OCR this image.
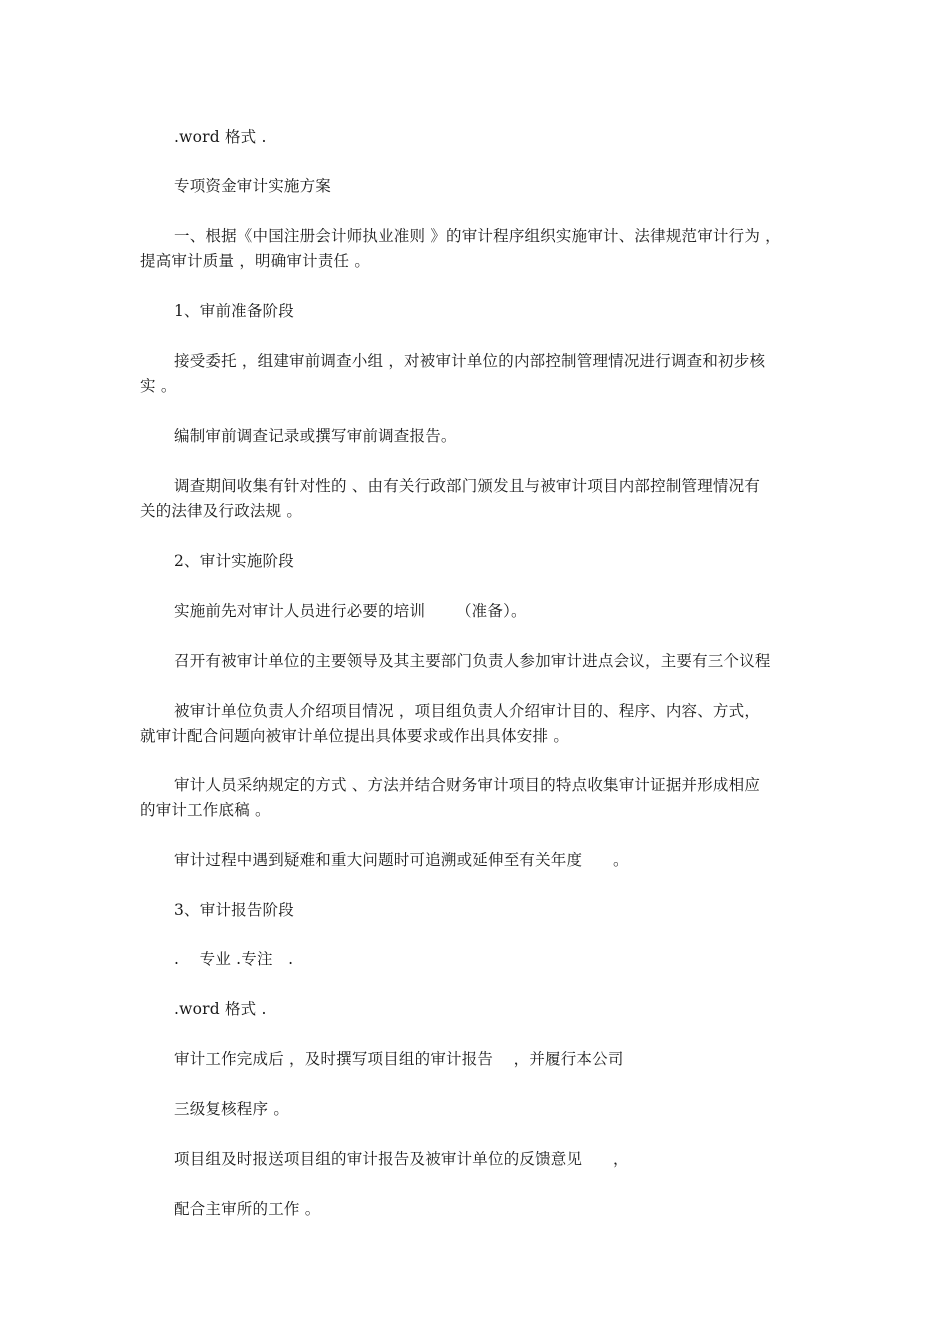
.word 格式 .
专项资金审计实施方案
一、根据《中国注册会计师执业准则 》的审计程序组织实施审计、法律规范审计行为 ，
提高审计质量 ，明确审计责任 。
1、审前准备阶段
接受委托 ，组建审前调查小组 ，对被审计单位的内部控制管理情况进行调查和初步核
实 。
编制审前调查记录或撰写审前调查报告。
调查期间收集有针对性的 、由有关行政部门颁发且与被审计项目内部控制管理情况有
关的法律及行政法规 。
2、审计实施阶段
实施前先对审计人员进行必要的培训      （准备）。
召开有被审计单位的主要领导及其主要部门负责人参加审计进点会议，主要有三个议程
被审计单位负责人介绍项目情况 ，项目组负责人介绍审计目的、程序、内容、方式，
就审计配合问题向被审计单位提出具体要求或作出具体安排 。
审计人员采纳规定的方式 、方法并结合财务审计项目的特点收集审计证据并形成相应
的审计工作底稿 。
审计过程中遇到疑难和重大问题时可追溯或延伸至有关年度      。
3、审计报告阶段
.    专业 .专注   .
.word 格式 .
审计工作完成后 ，及时撰写项目组的审计报告    ，并履行本公司
三级复核程序 。
项目组及时报送项目组的审计报告及被审计单位的反馈意见      ，
配合主审所的工作 。
